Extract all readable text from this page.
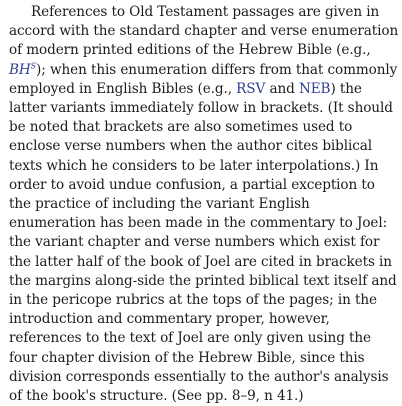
References to Old Testament passages are given in accord with the standard chapter and verse enumeration of modern printed editions of the Hebrew Bible (e.g., $BH^S$); when this enumeration differs from that commonly employed in English Bibles (e.g., RSV and NEB) the latter variants immediately follow in brackets. (It should be noted that brackets are also sometimes used to enclose verse numbers when the author cites biblical texts which he considers to be later interpolations.) In order to avoid undue confusion, a partial exception to the practice of including the variant English enumeration has been made in the commentary to Joel: the variant chapter and verse numbers which exist for the latter half of the book of Joel are cited in brackets in the margins along-side the printed biblical text itself and in the pericope rubrics at the tops of the pages; in the introduction and commentary proper, however, references to the text of Joel are only given using the four chapter division of the Hebrew Bible, since this division corresponds essentially to the author's analysis of the book's structure. (See pp. 8–9, n 41.)
